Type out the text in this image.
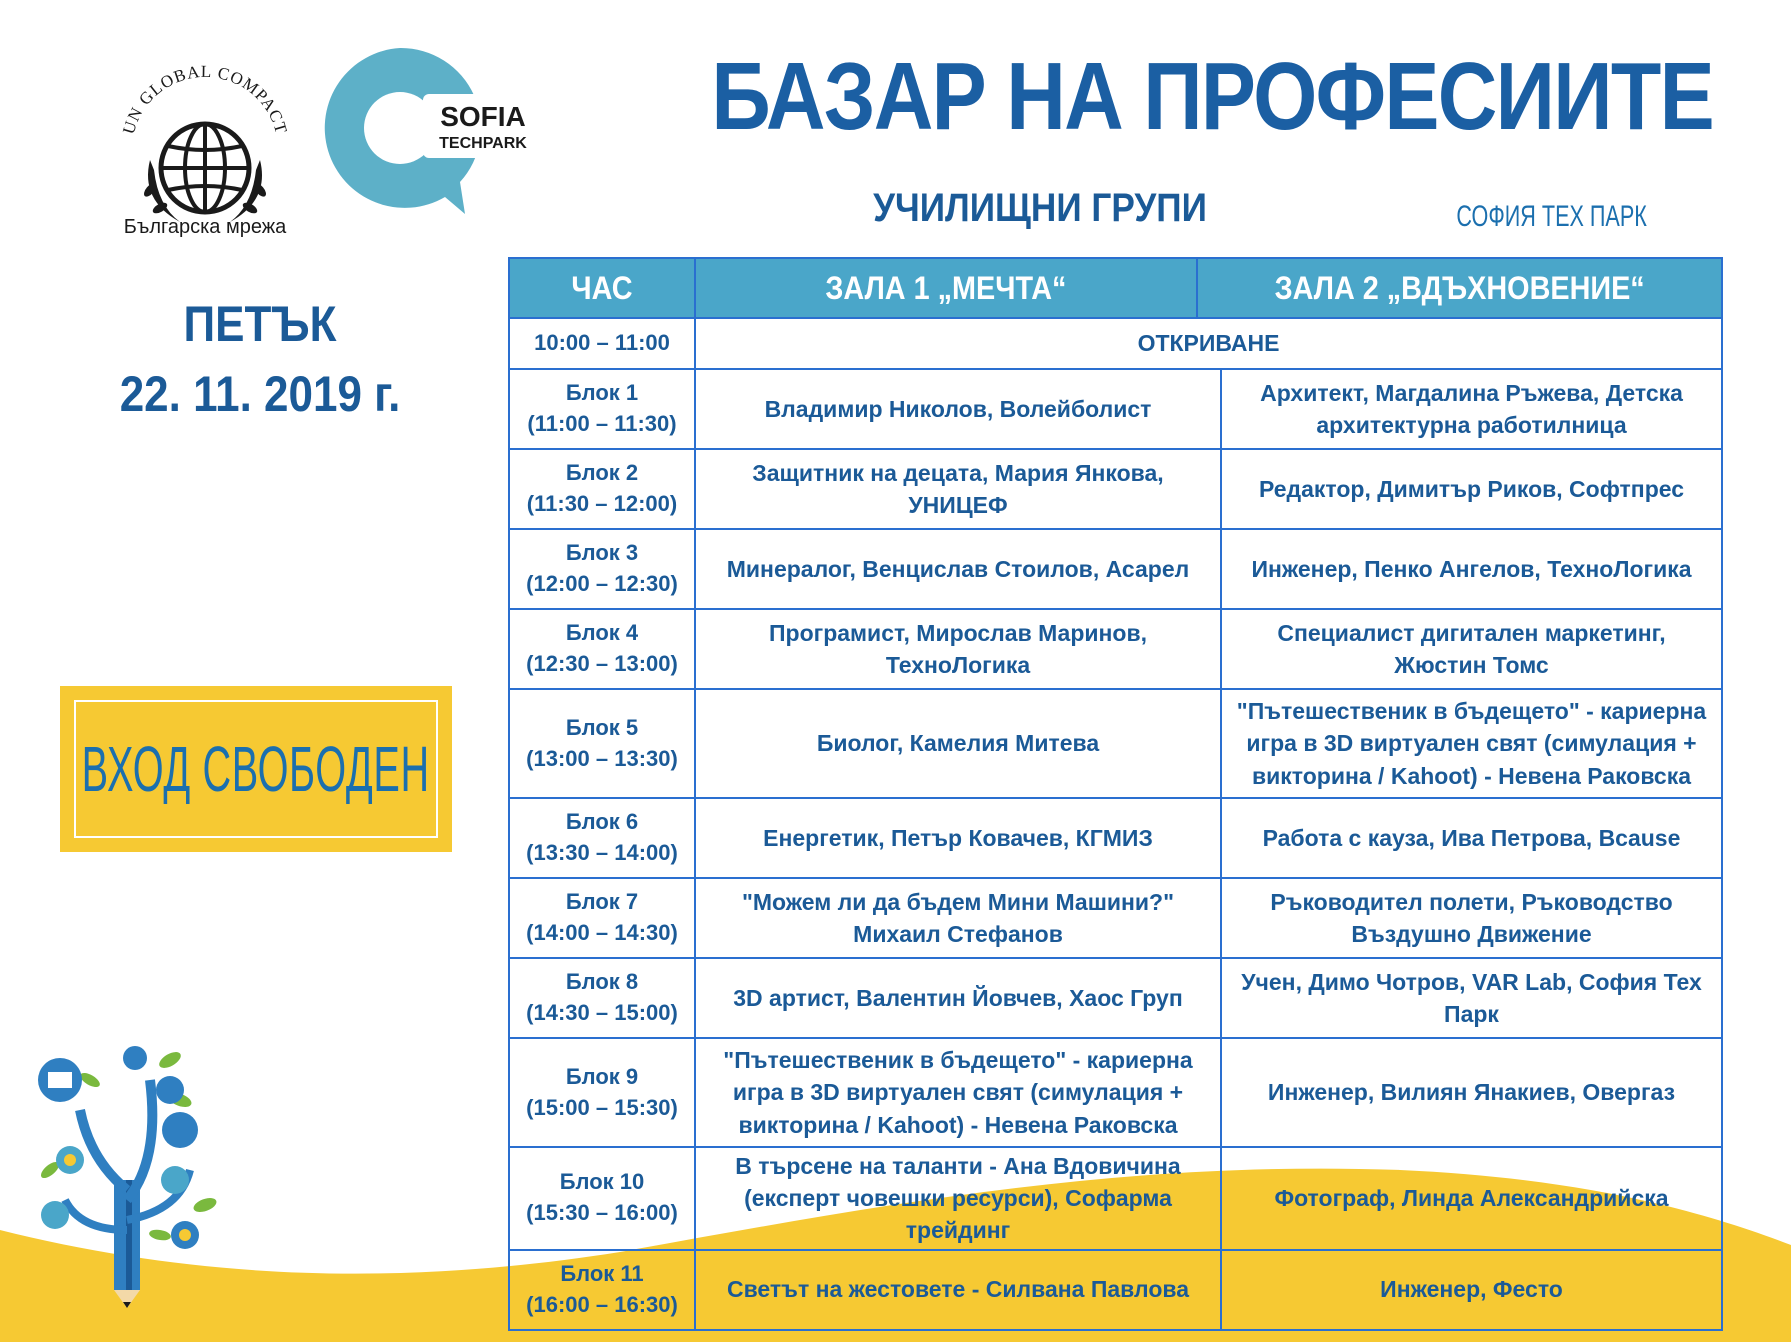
UN GLOBAL COMPACT
Българска мрежа
SOFIA
TECHPARK БАЗАР НА ПРОФЕСИИТЕ
УЧИЛИЩНИ ГРУПИ	СОФИЯ ТЕХ ПАРК
ПЕТЪК
22. 11. 2019 г.
ВХОД СВОБОДЕН
ЧАС	ЗАЛА 1 „МЕЧТА“ ЗАЛА 2 „ВДЪХНОВЕНИЕ“	

10:00 – 11:00	ОТКРИВАНЕ	

Блок 1
(11:00 – 11:30)	Владимир Николов, Волейболист	Архитект, Магдалина Ръжева, Детска архитектурна работилница

Блок 2
(11:30 – 12:00)	Защитник на децата, Мария Янкова, УНИЦЕФ	Редактор, Димитър Риков, Софтпрес

Блок 3
(12:00 – 12:30)	Минералог, Венцислав Стоилов, Асарел	Инженер, Пенко Ангелов, ТехноЛогика

Блок 4
(12:30 – 13:00)	Програмист, Мирослав Маринов, ТехноЛогика	Специалист дигитален маркетинг, Жюстин Томс

Блок 5
(13:00 – 13:30)	Биолог, Камелия Митева	"Пътешественик в бъдещето" - кариерна игра в 3D виртуален свят (симулация + викторина / Kahoot) - Невена Раковска

Блок 6
(13:30 – 14:00)	Енергетик, Петър Ковачев, КГМИЗ	Работа с кауза, Ива Петрова, Bcause

Блок 7
(14:00 – 14:30)	"Можем ли да бъдем Мини Машини?" Михаил Стефанов	Ръководител полети, Ръководство Въздушно Движение

Блок 8
(14:30 – 15:00)	3D артист, Валентин Йовчев, Хаос Груп	Учен, Димо Чотров, VAR Lab, София Тех Парк

Блок 9
(15:00 – 15:30)	"Пътешественик в бъдещето" - кариерна игра в 3D виртуален свят (симулация + викторина / Kahoot) - Невена Раковска	Инженер, Вилиян Янакиев, Овергаз

Блок 10
(15:30 – 16:00)	В търсене на таланти - Ана Вдовичина (експерт човешки ресурси), Софарма трейдинг	Фотограф, Линда Александрийска

Блок 11
(16:00 – 16:30)	Светът на жестовете - Силвана Павлова	Инженер, Фесто
